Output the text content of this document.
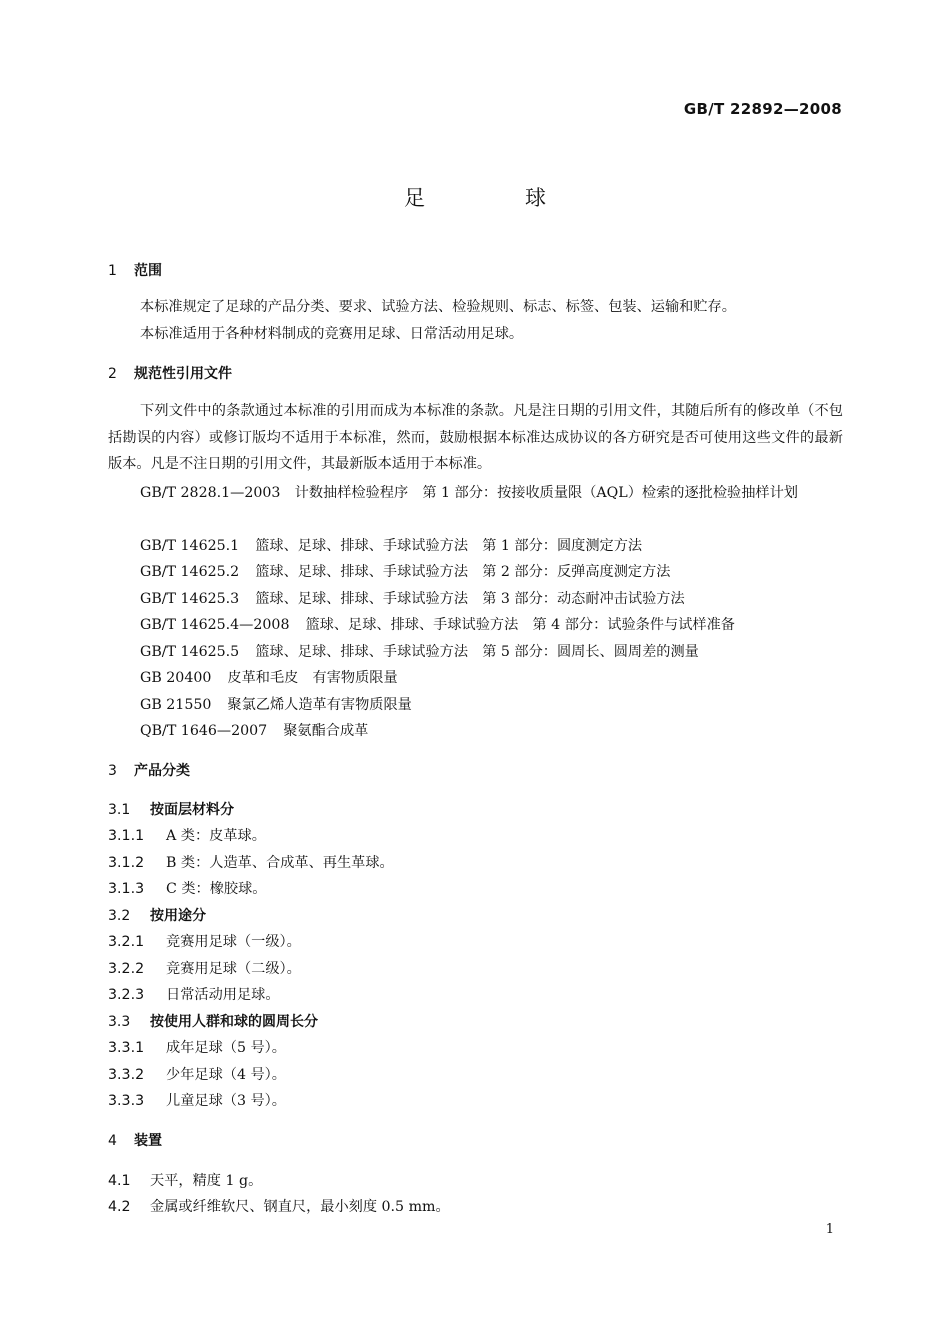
GB/T 22892—2008
足	球
1 范围
本标准规定了足球的产品分类、要求、试验方法、检验规则、标志、标签、包装、运输和贮存。
本标准适用于各种材料制成的竞赛用足球、日常活动用足球。
2 规范性引用文件
下列文件中的条款通过本标准的引用而成为本标准的条款。凡是注日期的引用文件，其随后所有的修改单（不包括勘误的内容）或修订版均不适用于本标准，然而，鼓励根据本标准达成协议的各方研究是否可使用这些文件的最新版本。凡是不注日期的引用文件，其最新版本适用于本标准。
GB/T 2828.1—2003　计数抽样检验程序　第 1 部分：按接收质量限（AQL）检索的逐批检验抽样计划
GB/T 14625.1 篮球、足球、排球、手球试验方法　第 1 部分：圆度测定方法
GB/T 14625.2 篮球、足球、排球、手球试验方法　第 2 部分：反弹高度测定方法
GB/T 14625.3 篮球、足球、排球、手球试验方法　第 3 部分：动态耐冲击试验方法
GB/T 14625.4—2008 篮球、足球、排球、手球试验方法　第 4 部分：试验条件与试样准备
GB/T 14625.5 篮球、足球、排球、手球试验方法　第 5 部分：圆周长、圆周差的测量
GB 20400 皮革和毛皮　有害物质限量
GB 21550 聚氯乙烯人造革有害物质限量
QB/T 1646—2007 聚氨酯合成革
3 产品分类
3.1 按面层材料分
3.1.1 A 类：皮革球。
3.1.2 B 类：人造革、合成革、再生革球。
3.1.3 C 类：橡胶球。
3.2 按用途分
3.2.1 竞赛用足球（一级）。
3.2.2 竞赛用足球（二级）。
3.2.3 日常活动用足球。
3.3 按使用人群和球的圆周长分
3.3.1 成年足球（5 号）。
3.3.2 少年足球（4 号）。
3.3.3 儿童足球（3 号）。
4 装置
4.1 天平，精度 1 g。
4.2 金属或纤维软尺、钢直尺，最小刻度 0.5 mm。
1
